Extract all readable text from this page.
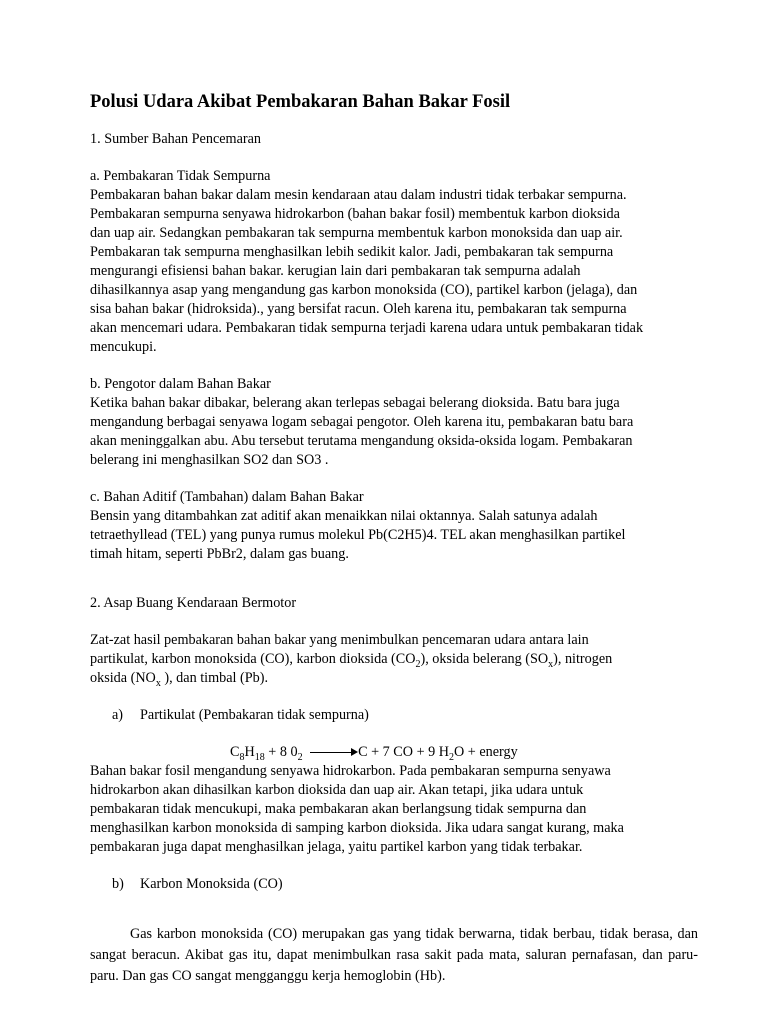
Polusi Udara Akibat Pembakaran Bahan Bakar Fosil

1. Sumber Bahan Pencemaran

a. Pembakaran Tidak Sempurna

Pembakaran bahan bakar dalam mesin kendaraan atau dalam industri tidak terbakar sempurna.

Pembakaran sempurna senyawa hidrokarbon (bahan bakar fosil) membentuk karbon dioksida

dan uap air. Sedangkan pembakaran tak sempurna membentuk karbon monoksida dan uap air.

Pembakaran tak sempurna menghasilkan lebih sedikit kalor. Jadi, pembakaran tak sempurna

mengurangi efisiensi bahan bakar. kerugian lain dari pembakaran tak sempurna adalah

dihasilkannya asap yang mengandung gas karbon monoksida (CO), partikel karbon (jelaga), dan

sisa bahan bakar (hidroksida)., yang bersifat racun. Oleh karena itu, pembakaran tak sempurna

akan mencemari udara. Pembakaran tidak sempurna terjadi karena udara untuk pembakaran tidak

mencukupi.

b. Pengotor dalam Bahan Bakar

Ketika bahan bakar dibakar, belerang akan terlepas sebagai belerang dioksida. Batu bara juga

mengandung berbagai senyawa logam sebagai pengotor. Oleh karena itu, pembakaran batu bara

akan meninggalkan abu. Abu tersebut terutama mengandung oksida-oksida logam. Pembakaran

belerang ini menghasilkan SO2 dan SO3 .

c. Bahan Aditif (Tambahan) dalam Bahan Bakar

Bensin yang ditambahkan zat aditif akan menaikkan nilai oktannya. Salah satunya adalah

tetraethyllead (TEL) yang punya rumus molekul Pb(C2H5)4. TEL akan menghasilkan partikel

timah hitam, seperti PbBr2, dalam gas buang.

2. Asap Buang Kendaraan Bermotor

Zat-zat hasil pembakaran bahan bakar yang menimbulkan pencemaran udara antara lain

partikulat, karbon monoksida (CO), karbon dioksida $(CO_2)$, oksida belerang $(SO_x)$, nitrogen

oksida ($NO_x$ ), dan timbal (Pb).

a)	Partikulat (Pembakaran tidak sempurna)

$C_8H_{18} + 8$ $0_2$	C + 7 CO + 9 $H_2O$ + energy

Bahan bakar fosil mengandung senyawa hidrokarbon. Pada pembakaran sempurna senyawa

hidrokarbon akan dihasilkan karbon dioksida dan uap air. Akan tetapi, jika udara untuk

pembakaran tidak mencukupi, maka pembakaran akan berlangsung tidak sempurna dan

menghasilkan karbon monoksida di samping karbon dioksida. Jika udara sangat kurang, maka

pembakaran juga dapat menghasilkan jelaga, yaitu partikel karbon yang tidak terbakar.

b)	Karbon Monoksida (CO)

Gas karbon monoksida (CO) merupakan gas yang tidak berwarna, tidak berbau, tidak berasa, dan sangat beracun. Akibat gas itu, dapat menimbulkan rasa sakit pada mata, saluran pernafasan, dan paru-paru. Dan gas CO sangat mengganggu kerja hemoglobin (Hb).
